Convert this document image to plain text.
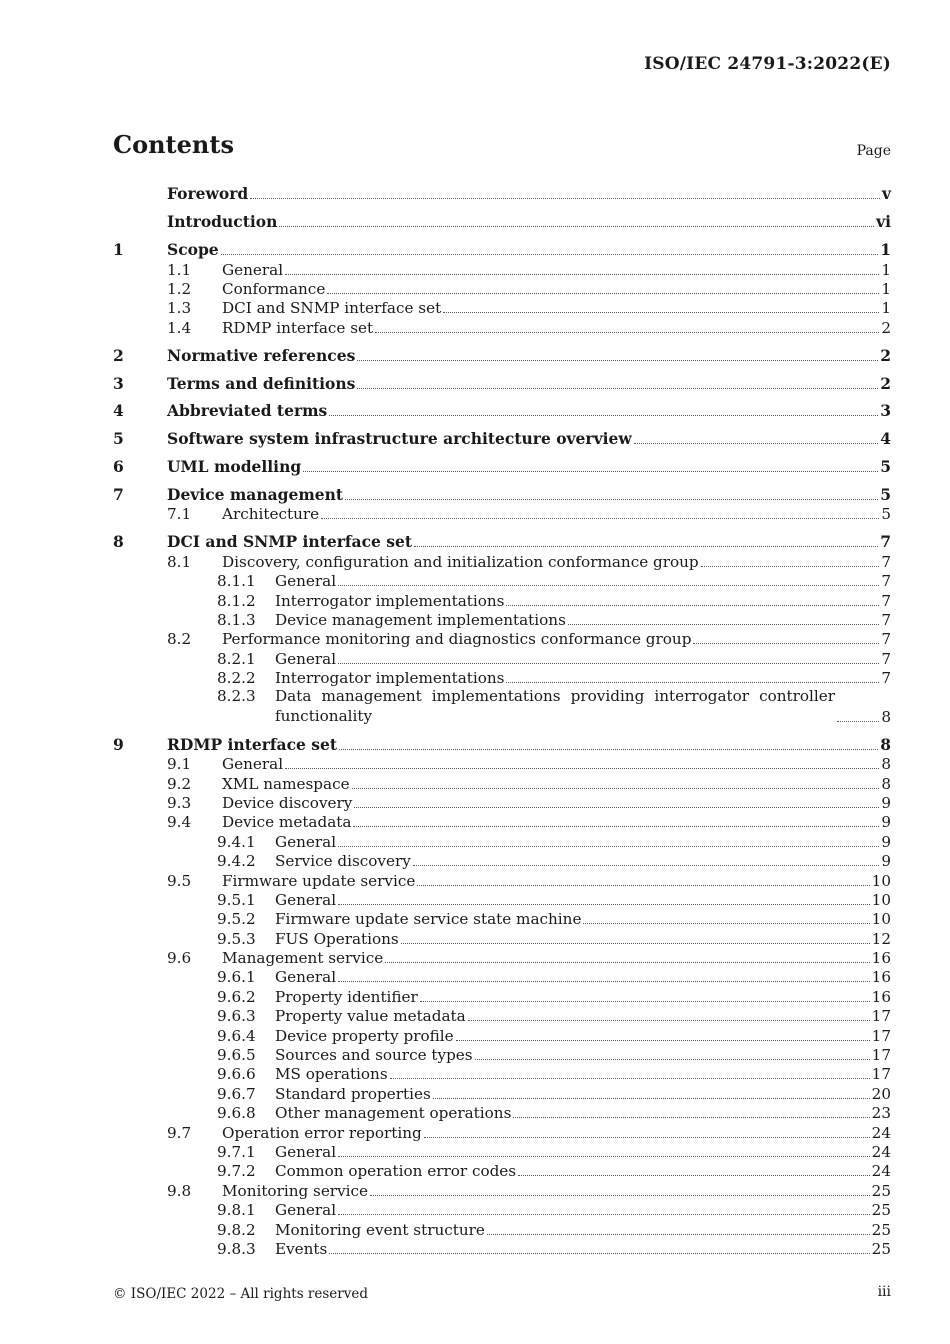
ISO/IEC 24791-3:2022(E)
Contents	Page
Foreword	v
Introduction	vi
1	Scope	1
1.1	General	1
1.2	Conformance	1
1.3	DCI and SNMP interface set	1
1.4	RDMP interface set	2
2	Normative references	2
3	Terms and definitions	2
4	Abbreviated terms	3
5	Software system infrastructure architecture overview	4
6	UML modelling	5
7	Device management	5
7.1	Architecture	5
8	DCI and SNMP interface set	7
8.1	Discovery, configuration and initialization conformance group	7
8.1.1	General	7
8.1.2	Interrogator implementations	7
8.1.3	Device management implementations	7
8.2	Performance monitoring and diagnostics conformance group	7
8.2.1	General	7
8.2.2	Interrogator implementations	7
8.2.3	Data management implementations providing interrogator controller functionality	8
9	RDMP interface set	8
9.1	General	8
9.2	XML namespace	8
9.3	Device discovery	9
9.4	Device metadata	9
9.4.1	General	9
9.4.2	Service discovery	9
9.5	Firmware update service	10
9.5.1	General	10
9.5.2	Firmware update service state machine	10
9.5.3	FUS Operations	12
9.6	Management service	16
9.6.1	General	16
9.6.2	Property identifier	16
9.6.3	Property value metadata	17
9.6.4	Device property profile	17
9.6.5	Sources and source types	17
9.6.6	MS operations	17
9.6.7	Standard properties	20
9.6.8	Other management operations	23
9.7	Operation error reporting	24
9.7.1	General	24
9.7.2	Common operation error codes	24
9.8	Monitoring service	25
9.8.1	General	25
9.8.2	Monitoring event structure	25
9.8.3	Events	25
© ISO/IEC 2022 – All rights reserved	iii
